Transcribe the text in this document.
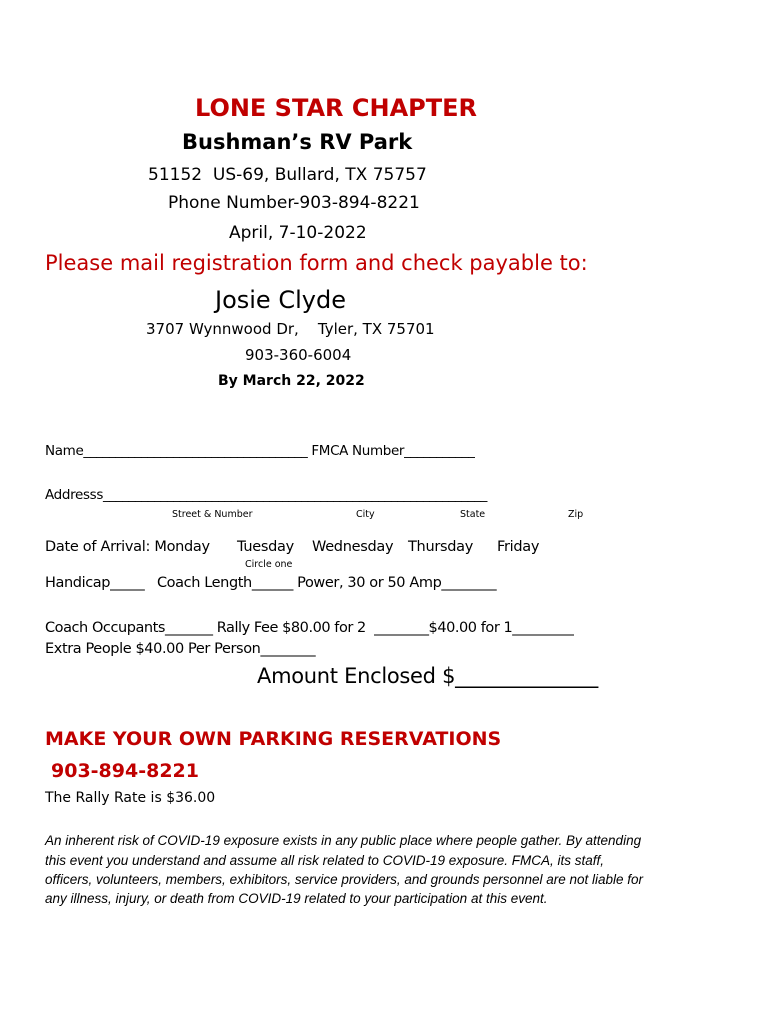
LONE STAR CHAPTER
Bushman’s RV Park
51152  US-69, Bullard, TX 75757
Phone Number-903-894-8221
April, 7-10-2022
Please mail registration form and check payable to:
Josie Clyde
3707 Wynnwood Dr,    Tyler, TX 75701
903-360-6004
By March 22, 2022
Name___________________________________ FMCA Number___________
Addresss____________________________________________________________
Street & Number	City	State	Zip
Date of Arrival: Monday Tuesday Wednesday Thursday Friday
Circle one
Handicap_____   Coach Length______ Power, 30 or 50 Amp________
Coach Occupants_______ Rally Fee $80.00 for 2  ________$40.00 for 1_________
Extra People $40.00 Per Person________
Amount Enclosed $______________
MAKE YOUR OWN PARKING RESERVATIONS
903-894-8221
The Rally Rate is $36.00
An inherent risk of COVID-19 exposure exists in any public place where people gather. By attending
this event you understand and assume all risk related to COVID-19 exposure. FMCA, its staff,
officers, volunteers, members, exhibitors, service providers, and grounds personnel are not liable for
any illness, injury, or death from COVID-19 related to your participation at this event.
